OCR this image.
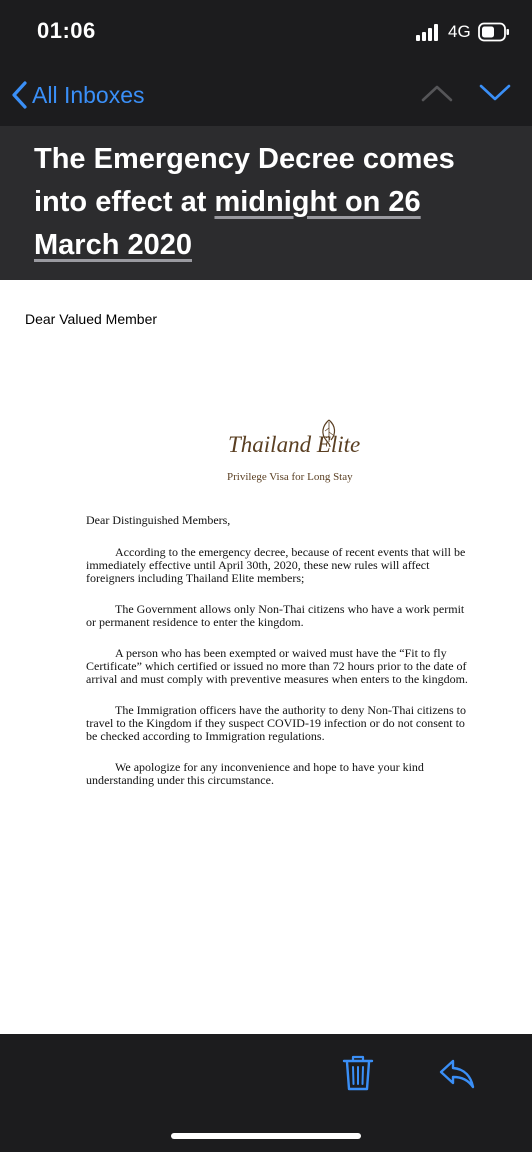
01:06	4G
All Inboxes
The Emergency Decree comes into effect at midnight on 26 March 2020
Dear Valued Member
Thailand Elite
Privilege Visa for Long Stay

Dear Distinguished Members,

According to the emergency decree, because of recent events that will be immediately effective until April 30th, 2020, these new rules will affect foreigners including Thailand Elite members;

The Government allows only Non-Thai citizens who have a work permit or permanent residence to enter the kingdom.

A person who has been exempted or waived must have the “Fit to fly Certificate” which certified or issued no more than 72 hours prior to the date of arrival and must comply with preventive measures when enters to the kingdom.

The Immigration officers have the authority to deny Non-Thai citizens to travel to the Kingdom if they suspect COVID-19 infection or do not consent to be checked according to Immigration regulations.

We apologize for any inconvenience and hope to have your kind understanding under this circumstance.
